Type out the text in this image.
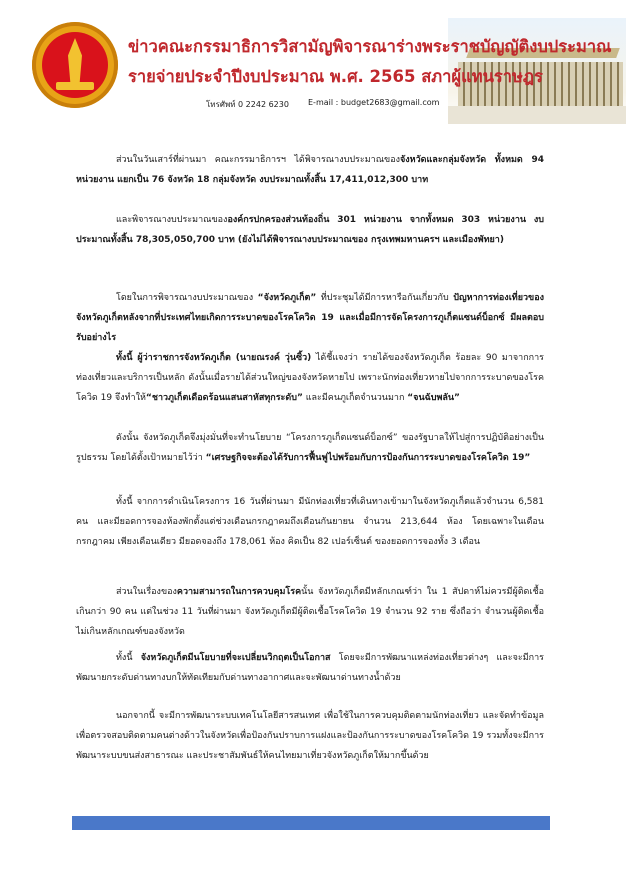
ข่าวคณะกรรมาธิการวิสามัญพิจารณาร่างพระราชบัญญัติงบประมาณ
รายจ่ายประจำปีงบประมาณ พ.ศ. 2565 สภาผู้แทนราษฎร
โทรศัพท์ 0 2242 6230 E-mail : budget2683@gmail.com
ส่วนในวันเสาร์ที่ผ่านมา คณะกรรมาธิการฯ ได้พิจารณางบประมาณของจังหวัดและกลุ่มจังหวัด ทั้งหมด 94 หน่วยงาน แยกเป็น 76 จังหวัด 18 กลุ่มจังหวัด งบประมาณทั้งสิ้น 17,411,012,300 บาท
และพิจารณางบประมาณขององค์กรปกครองส่วนท้องถิ่น 301 หน่วยงาน จากทั้งหมด 303 หน่วยงาน งบประมาณทั้งสิ้น 78,305,050,700 บาท (ยังไม่ได้พิจารณางบประมาณของ กรุงเทพมหานครฯ และเมืองพัทยา)
โดยในการพิจารณางบประมาณของ “จังหวัดภูเก็ต” ที่ประชุมได้มีการหารือกันเกี่ยวกับ ปัญหาการท่องเที่ยวของจังหวัดภูเก็ตหลังจากที่ประเทศไทยเกิดการระบาดของโรคโควิด 19 และเมื่อมีการจัดโครงการภูเก็ตแซนด์บ็อกซ์ มีผลตอบรับอย่างไร
ทั้งนี้ ผู้ว่าราชการจังหวัดภูเก็ต (นายณรงค์ วุ่นซิ้ว) ได้ชี้แจงว่า รายได้ของจังหวัดภูเก็ต ร้อยละ 90 มาจากการท่องเที่ยวและบริการเป็นหลัก ดังนั้นเมื่อรายได้ส่วนใหญ่ของจังหวัดหายไป เพราะนักท่องเที่ยวหายไปจากการระบาดของโรคโควิด 19 จึงทำให้“ชาวภูเก็ตเดือดร้อนแสนสาหัสทุกระดับ” และมีคนภูเก็ตจำนวนมาก “จนฉับพลัน”
ดังนั้น จังหวัดภูเก็ตจึงมุ่งมั่นที่จะทำนโยบาย “โครงการภูเก็ตแซนด์บ็อกซ์” ของรัฐบาลให้ไปสู่การปฏิบัติอย่างเป็นรูปธรรม โดยได้ตั้งเป้าหมายไว้ว่า “เศรษฐกิจจะต้องได้รับการฟื้นฟูไปพร้อมกับการป้องกันการระบาดของโรคโควิด 19”
ทั้งนี้ จากการดำเนินโครงการ 16 วันที่ผ่านมา มีนักท่องเที่ยวที่เดินทางเข้ามาในจังหวัดภูเก็ตแล้วจำนวน 6,581 คน และมียอดการจองห้องพักตั้งแต่ช่วงเดือนกรกฎาคมถึงเดือนกันยายน จำนวน 213,644 ห้อง โดยเฉพาะในเดือนกรกฎาคม เพียงเดือนเดียว มียอดจองถึง 178,061 ห้อง คิดเป็น 82 เปอร์เซ็นต์ ของยอดการจองทั้ง 3 เดือน
ส่วนในเรื่องของความสามารถในการควบคุมโรคนั้น จังหวัดภูเก็ตมีหลักเกณฑ์ว่า ใน 1 สัปดาห์ไม่ควรมีผู้ติดเชื้อ เกินกว่า 90 คน แต่ในช่วง 11 วันที่ผ่านมา จังหวัดภูเก็ตมีผู้ติดเชื้อโรคโควิด 19 จำนวน 92 ราย ซึ่งถือว่า จำนวนผู้ติดเชื้อไม่เกินหลักเกณฑ์ของจังหวัด
ทั้งนี้ จังหวัดภูเก็ตมีนโยบายที่จะเปลี่ยนวิกฤตเป็นโอกาส โดยจะมีการพัฒนาแหล่งท่องเที่ยวต่างๆ และจะมีการพัฒนายกระดับด่านทางบกให้ทัดเทียมกับด่านทางอากาศและจะพัฒนาด่านทางน้ำด้วย
นอกจากนี้ จะมีการพัฒนาระบบเทคโนโลยีสารสนเทศ เพื่อใช้ในการควบคุมติดตามนักท่องเที่ยว และจัดทำข้อมูลเพื่อตรวจสอบติดตามคนต่างด้าวในจังหวัดเพื่อป้องกันปราบการแฝงและป้องกันการระบาดของโรคโควิด 19 รวมทั้งจะมีการพัฒนาระบบขนส่งสาธารณะ และประชาสัมพันธ์ให้คนไทยมาเที่ยวจังหวัดภูเก็ตให้มากขึ้นด้วย
